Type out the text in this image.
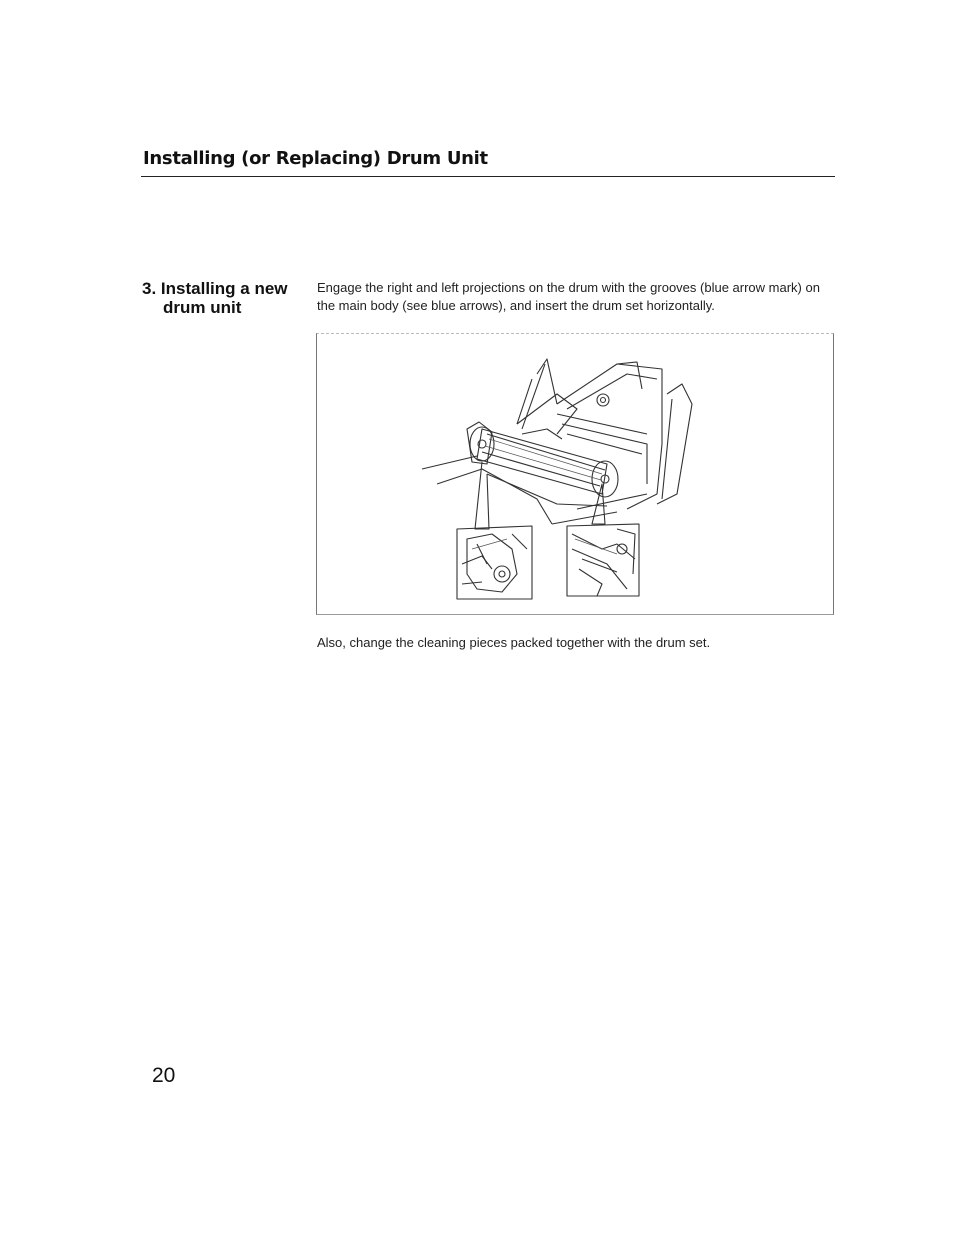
Installing (or Replacing) Drum Unit
3. Installing a new
drum unit
Engage the right and left projections on the drum with the grooves (blue arrow mark) on the main body (see blue arrows), and insert the drum set horizontally.
Also, change the cleaning pieces packed together with the drum set.
20
